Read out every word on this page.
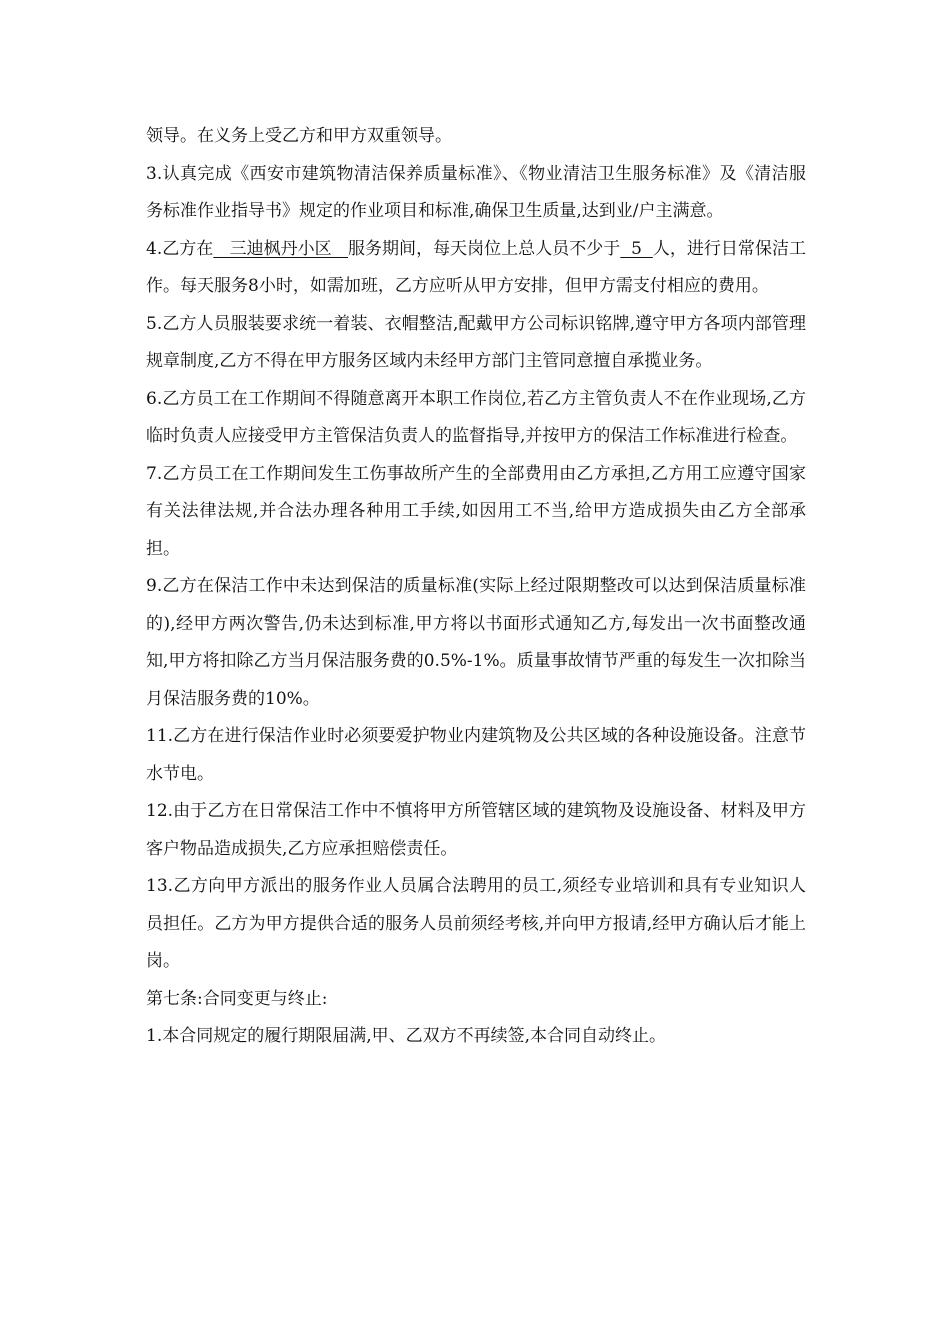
领导。在义务上受乙方和甲方双重领导。

3.认真完成《西安市建筑物清洁保养质量标准》、《物业清洁卫生服务标准》及《清洁服务标准作业指导书》规定的作业项目和标准,确保卫生质量,达到业/户主满意。

4.乙方在   三迪枫丹小区   服务期间，每天岗位上总人员不少于  5  人，进行日常保洁工作。每天服务8小时，如需加班，乙方应听从甲方安排，但甲方需支付相应的费用。

5.乙方人员服装要求统一着装、衣帽整洁,配戴甲方公司标识铭牌,遵守甲方各项内部管理规章制度,乙方不得在甲方服务区域内未经甲方部门主管同意擅自承揽业务。

6.乙方员工在工作期间不得随意离开本职工作岗位,若乙方主管负责人不在作业现场,乙方临时负责人应接受甲方主管保洁负责人的监督指导,并按甲方的保洁工作标准进行检查。

7.乙方员工在工作期间发生工伤事故所产生的全部费用由乙方承担,乙方用工应遵守国家有关法律法规,并合法办理各种用工手续,如因用工不当,给甲方造成损失由乙方全部承担。

9.乙方在保洁工作中未达到保洁的质量标准(实际上经过限期整改可以达到保洁质量标准的),经甲方两次警告,仍未达到标准,甲方将以书面形式通知乙方,每发出一次书面整改通知,甲方将扣除乙方当月保洁服务费的0.5%-1%。质量事故情节严重的每发生一次扣除当月保洁服务费的10%。

11.乙方在进行保洁作业时必须要爱护物业内建筑物及公共区域的各种设施设备。注意节水节电。

12.由于乙方在日常保洁工作中不慎将甲方所管辖区域的建筑物及设施设备、材料及甲方客户物品造成损失,乙方应承担赔偿责任。

13.乙方向甲方派出的服务作业人员属合法聘用的员工,须经专业培训和具有专业知识人员担任。乙方为甲方提供合适的服务人员前须经考核,并向甲方报请,经甲方确认后才能上岗。

第七条:合同变更与终止:

1.本合同规定的履行期限届满,甲、乙双方不再续签,本合同自动终止。
